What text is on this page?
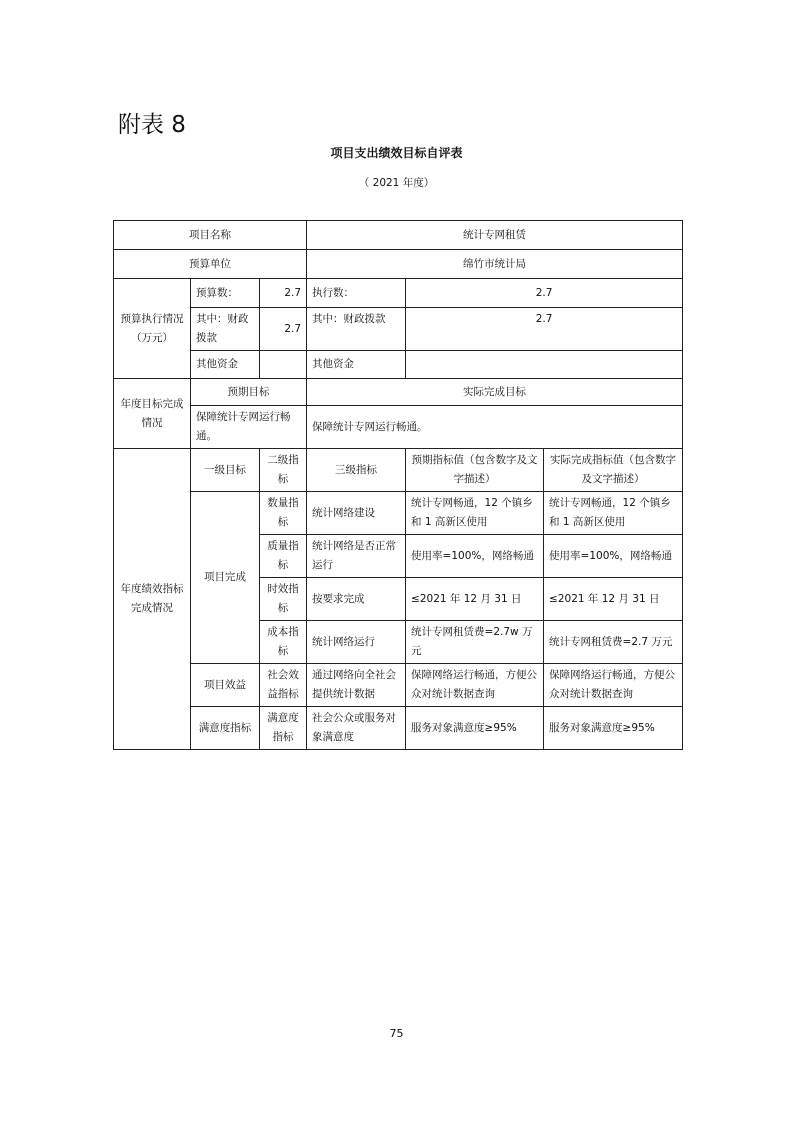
附表 8
项目支出绩效目标自评表
（ 2021 年度）
项目名称			统计专网租赁		
预算单位			绵竹市统计局		
预算执行情况（万元）	预算数：	2.7	执行数：	2.7	
	其中：财政拨款	2.7	其中：财政拨款	2.7	
	其他资金		其他资金		
年度目标完成情况	预期目标		实际完成目标		
	保障统计专网运行畅通。		保障统计专网运行畅通。		
年度绩效指标完成情况	一级目标	二级指标	三级指标	预期指标值（包含数字及文字描述）	实际完成指标值（包含数字及文字描述）
	项目完成	数量指标	统计网络建设	统计专网畅通，12 个镇乡和 1 高新区使用	统计专网畅通，12 个镇乡和 1 高新区使用
		质量指标	统计网络是否正常运行	使用率=100%，网络畅通	使用率=100%，网络畅通
		时效指标	按要求完成	≤2021 年 12 月 31 日	≤2021 年 12 月 31 日
		成本指标	统计网络运行	统计专网租赁费=2.7w 万元	统计专网租赁费=2.7 万元
	项目效益	社会效益指标	通过网络向全社会提供统计数据	保障网络运行畅通，方便公众对统计数据查询	保障网络运行畅通，方便公众对统计数据查询
	满意度指标	满意度指标	社会公众或服务对象满意度	服务对象满意度≥95%	服务对象满意度≥95%
75
